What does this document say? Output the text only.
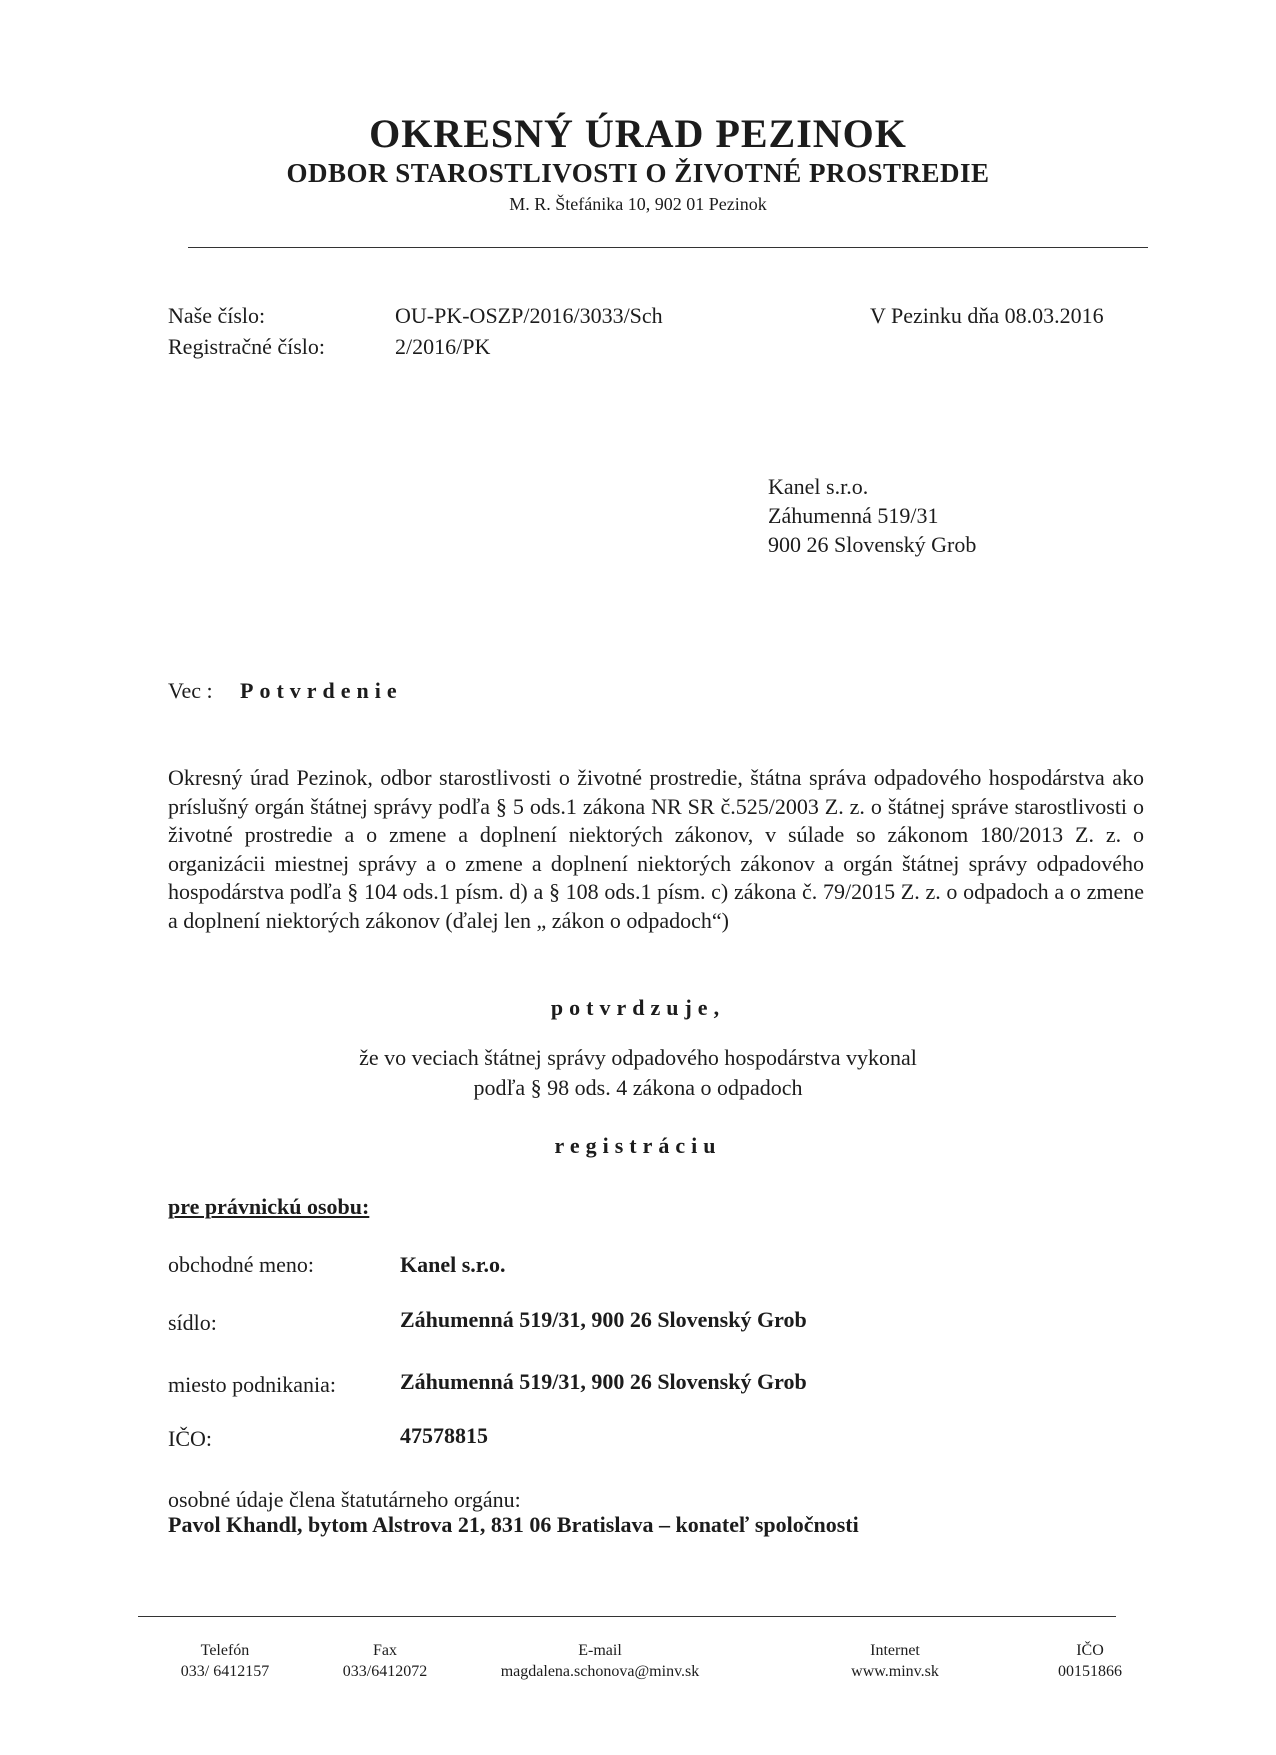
OKRESNÝ ÚRAD PEZINOK
ODBOR STAROSTLIVOSTI O ŽIVOTNÉ PROSTREDIE
M. R. Štefánika 10, 902 01 Pezinok
Naše číslo:	OU-PK-OSZP/2016/3033/Sch	V Pezinku dňa 08.03.2016
Registračné číslo:	2/2016/PK
Kanel s.r.o.
Záhumenná 519/31
900 26 Slovenský Grob
Vec : Potvrdenie
Okresný úrad Pezinok, odbor starostlivosti o životné prostredie, štátna správa odpadového hospodárstva ako príslušný orgán štátnej správy podľa § 5 ods.1 zákona NR SR č.525/2003 Z. z. o štátnej správe starostlivosti o životné prostredie a o zmene a doplnení niektorých zákonov, v súlade so zákonom 180/2013 Z. z. o organizácii miestnej správy a o zmene a doplnení niektorých zákonov a orgán štátnej správy odpadového hospodárstva podľa § 104 ods.1 písm. d) a § 108 ods.1 písm. c) zákona č. 79/2015 Z. z. o odpadoch a o zmene a doplnení niektorých zákonov (ďalej len „ zákon o odpadoch“)
potvrdzuje,
že vo veciach štátnej správy odpadového hospodárstva vykonal
podľa § 98 ods. 4 zákona o odpadoch
registráciu
pre právnickú osobu:
obchodné meno:	Kanel s.r.o.
sídlo:	Záhumenná 519/31, 900 26 Slovenský Grob
miesto podnikania:	Záhumenná 519/31, 900 26 Slovenský Grob
IČO:	47578815
osobné údaje člena štatutárneho orgánu:
Pavol Khandl, bytom Alstrova 21, 831 06 Bratislava – konateľ spoločnosti
Telefón
033/ 6412157
Fax
033/6412072
E-mail
magdalena.schonova@minv.sk
Internet
www.minv.sk
IČO
00151866
